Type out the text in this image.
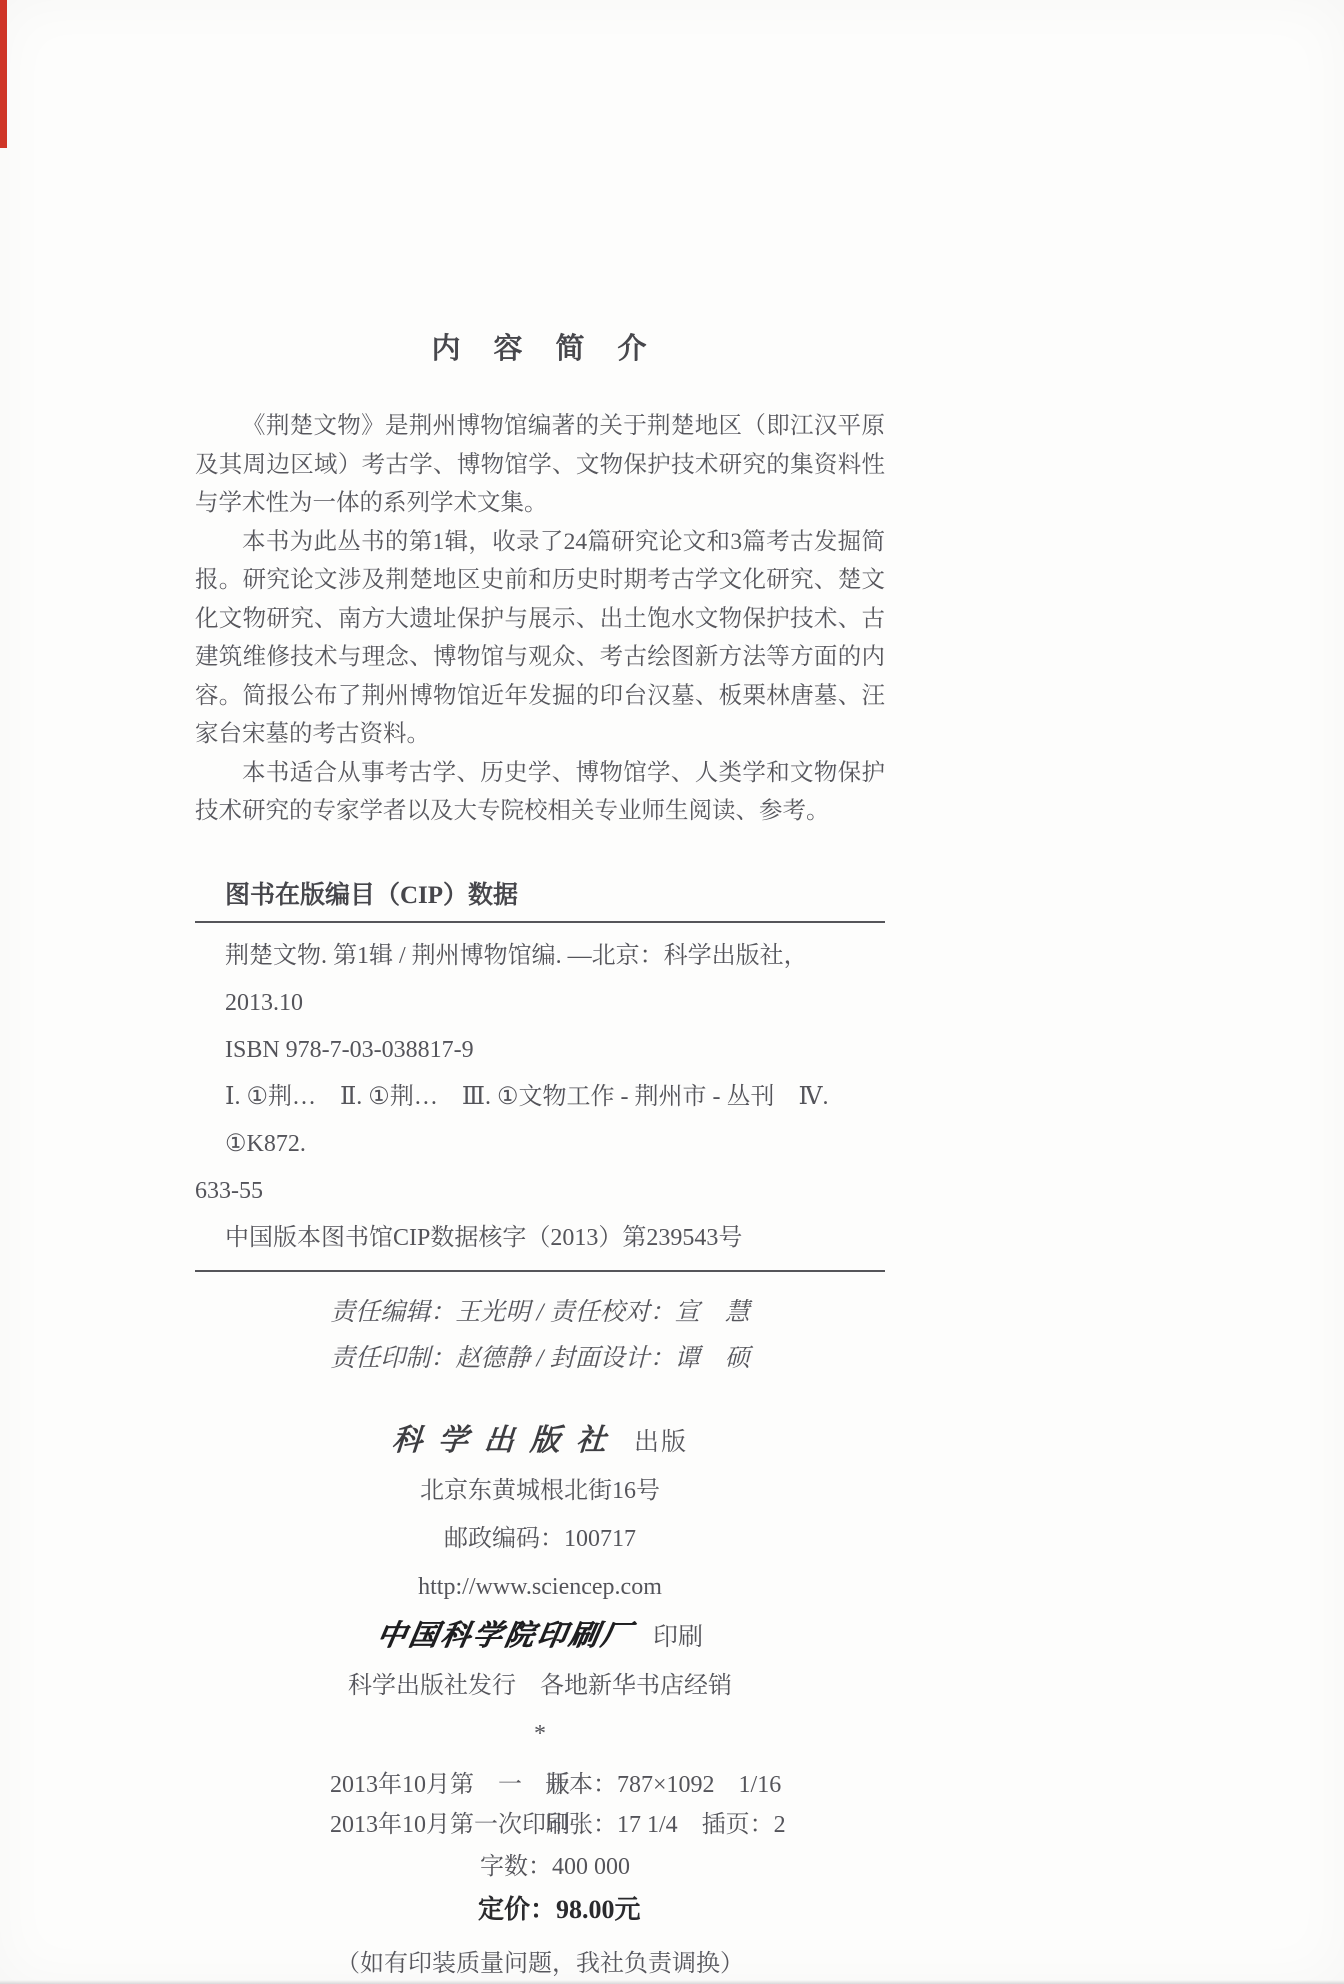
内　容　简　介

《荆楚文物》是荆州博物馆编著的关于荆楚地区（即江汉平原及其周边区域）考古学、博物馆学、文物保护技术研究的集资料性与学术性为一体的系列学术文集。

本书为此丛书的第1辑，收录了24篇研究论文和3篇考古发掘简报。研究论文涉及荆楚地区史前和历史时期考古学文化研究、楚文化文物研究、南方大遗址保护与展示、出土饱水文物保护技术、古建筑维修技术与理念、博物馆与观众、考古绘图新方法等方面的内容。简报公布了荆州博物馆近年发掘的印台汉墓、板栗林唐墓、汪家台宋墓的考古资料。

本书适合从事考古学、历史学、博物馆学、人类学和文物保护技术研究的专家学者以及大专院校相关专业师生阅读、参考。

图书在版编目（CIP）数据

荆楚文物. 第1辑 / 荆州博物馆编. —北京：科学出版社，2013.10

ISBN 978-7-03-038817-9

Ⅰ. ①荆…　Ⅱ. ①荆…　Ⅲ. ①文物工作 - 荆州市 - 丛刊　Ⅳ. ①K872.

633-55

中国版本图书馆CIP数据核字（2013）第239543号

责任编辑：王光明 / 责任校对：宣　慧
责任印制：赵德静 / 封面设计：谭　硕

科学出版社 出版

北京东黄城根北街16号

邮政编码：100717

http://www.sciencep.com

中国科学院印刷厂 印刷

科学出版社发行　各地新华书店经销

*

2013年10月第　一　版
开本：787×1092　1/16
2013年10月第一次印刷
印张：17 1/4　插页：2

字数：400 000

定价：98.00元

（如有印装质量问题，我社负责调换）
